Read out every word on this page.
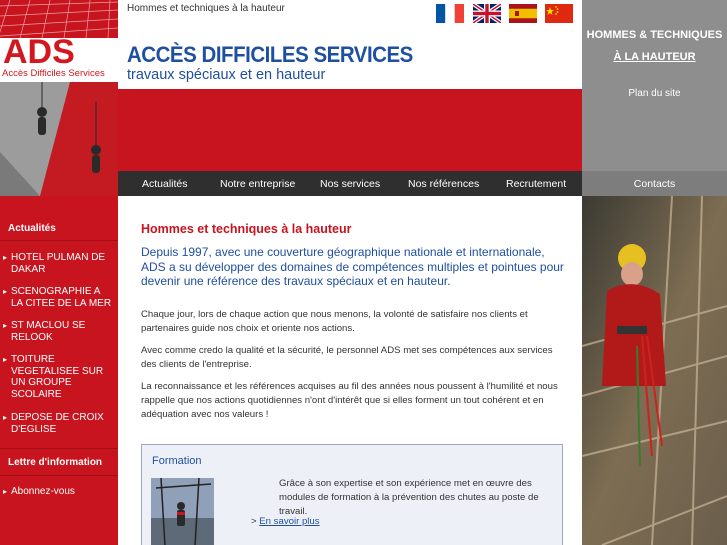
ADS
Accès Difficiles Services
Hommes et techniques à la hauteur
ACCÈS DIFFICILES SERVICES
travaux spéciaux et en hauteur
Actualités	Notre entreprise Nos services	Nos références	Recrutement
HOMMES & TECHNIQUES
À LA HAUTEUR
Plan du site
Contacts
Actualités
▸ HOTEL PULMAN DE DAKAR
▸ SCENOGRAPHIE A LA CITEE DE LA MER
▸ ST MACLOU SE RELOOK
▸ TOITURE VEGETALISEE SUR UN GROUPE SCOLAIRE
▸ DEPOSE DE CROIX D'EGLISE
Lettre d'information
▸ Abonnez-vous
Hommes et techniques à la hauteur
Depuis 1997, avec une couverture géographique nationale et internationale, ADS a su développer des domaines de compétences multiples et pointues pour devenir une référence des travaux spéciaux et en hauteur.
Chaque jour, lors de chaque action que nous menons, la volonté de satisfaire nos clients et partenaires guide nos choix et oriente nos actions.
Avec comme credo la qualité et la sécurité, le personnel ADS met ses compétences aux services des clients de l'entreprise.
La reconnaissance et les références acquises au fil des années nous poussent à l'humilité et nous rappelle que nos actions quotidiennes n'ont d'intérêt que si elles forment un tout cohérent et en adéquation avec nos valeurs !
Formation
Grâce à son expertise et son expérience met en œuvre des modules de formation à la prévention des chutes au poste de travail.
> En savoir plus
